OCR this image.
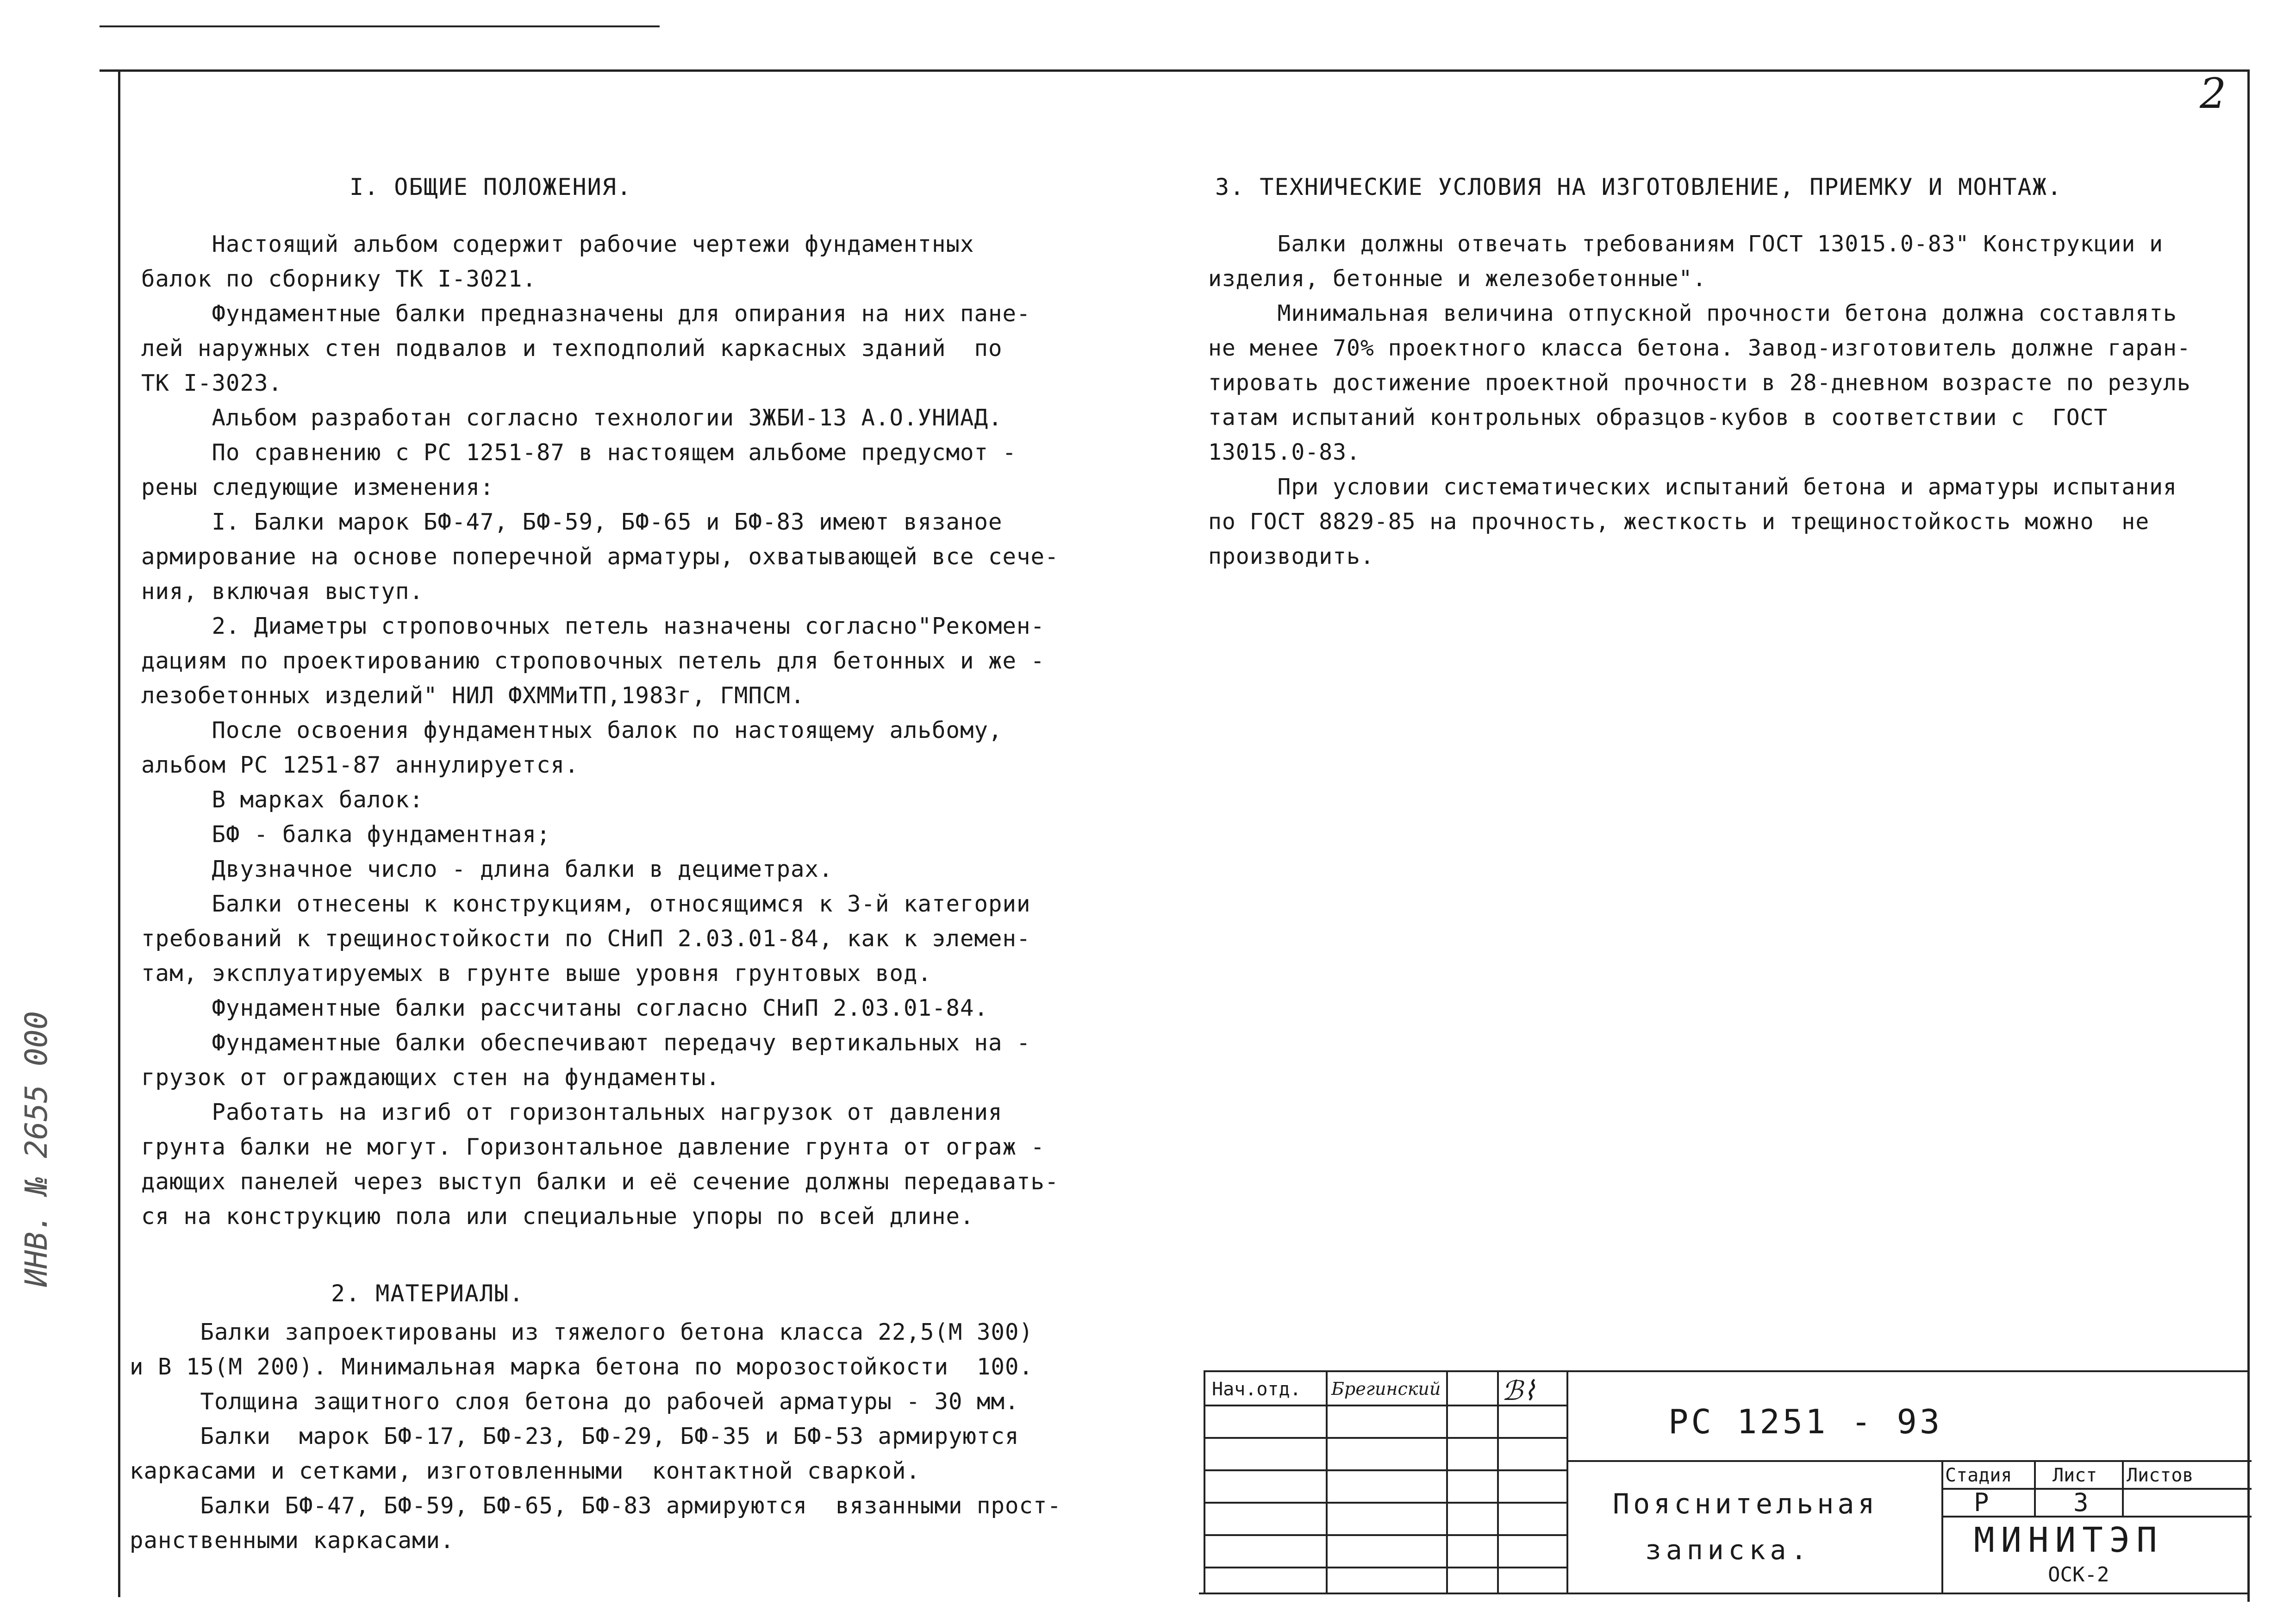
2
ИНВ. № 2655 000
I. ОБЩИЕ ПОЛОЖЕНИЯ.
Настоящий альбом содержит рабочие чертежи фундаментных
балок по сборнику ТК I-3021.
Фундаментные балки предназначены для опирания на них пане-
лей наружных стен подвалов и техподполий каркасных зданий  по
ТК I-3023.
Альбом разработан согласно технологии ЗЖБИ-13 А.О.УНИАД.
По сравнению с РС 1251-87 в настоящем альбоме предусмот -
рены следующие изменения:
I. Балки марок БФ-47, БФ-59, БФ-65 и БФ-83 имеют вязаное
армирование на основе поперечной арматуры, охватывающей все сече-
ния, включая выступ.
2. Диаметры строповочных петель назначены согласно"Рекомен-
дациям по проектированию строповочных петель для бетонных и же -
лезобетонных изделий" НИЛ ФХММиТП,1983г, ГМПСМ.
После освоения фундаментных балок по настоящему альбому,
альбом РС 1251-87 аннулируется.
В марках балок:
БФ - балка фундаментная;
Двузначное число - длина балки в дециметрах.
Балки отнесены к конструкциям, относящимся к 3-й категории
требований к трещиностойкости по СНиП 2.03.01-84, как к элемен-
там, эксплуатируемых в грунте выше уровня грунтовых вод.
Фундаментные балки рассчитаны согласно СНиП 2.03.01-84.
Фундаментные балки обеспечивают передачу вертикальных на -
грузок от ограждающих стен на фундаменты.
Работать на изгиб от горизонтальных нагрузок от давления
грунта балки не могут. Горизонтальное давление грунта от ограж -
дающих панелей через выступ балки и её сечение должны передавать-
ся на конструкцию пола или специальные упоры по всей длине.
2. МАТЕРИАЛЫ.
Балки запроектированы из тяжелого бетона класса 22,5(М 300)
и В 15(М 200). Минимальная марка бетона по морозостойкости  100.
Толщина защитного слоя бетона до рабочей арматуры - 30 мм.
Балки  марок БФ-17, БФ-23, БФ-29, БФ-35 и БФ-53 армируются
каркасами и сетками, изготовленными  контактной сваркой.
Балки БФ-47, БФ-59, БФ-65, БФ-83 армируются  вязанными прост-
ранственными каркасами.
3. ТЕХНИЧЕСКИЕ УСЛОВИЯ НА ИЗГОТОВЛЕНИЕ, ПРИЕМКУ И МОНТАЖ.
Балки должны отвечать требованиям ГОСТ 13015.0-83" Конструкции и
изделия, бетонные и железобетонные".
Минимальная величина отпускной прочности бетона должна составлять
не менее 70% проектного класса бетона. Завод-изготовитель должне гаран-
тировать достижение проектной прочности в 28-дневном возрасте по резуль
татам испытаний контрольных образцов-кубов в соответствии с  ГОСТ
13015.0-83.
При условии систематических испытаний бетона и арматуры испытания
по ГОСТ 8829-85 на прочность, жесткость и трещиностойкость можно  не
производить.
Нач.отд. Брегинский ℬ⌇
РС 1251 - 93
Пояснительная
записка.
Стадия Лист Листов
Р	3
МИНИТЭП
ОСК-2
